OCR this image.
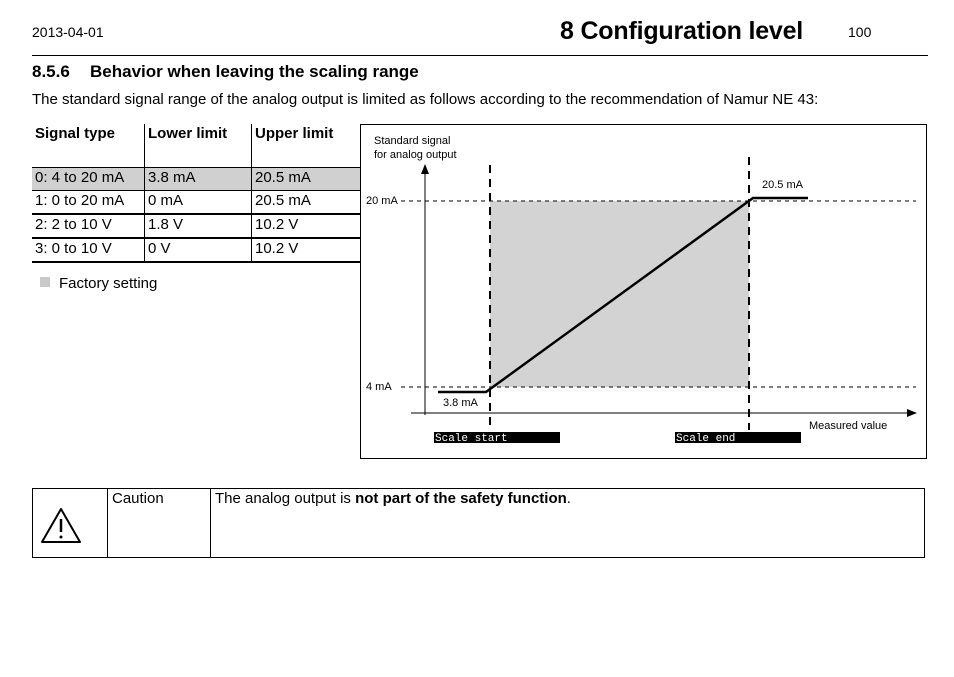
2013-04-01	8 Configuration level	100
8.5.6 Behavior when leaving the scaling range
The standard signal range of the analog output is limited as follows according to the recommendation of Namur NE 43:
Signal type	Lower limit	Upper limit
0: 4 to 20 mA	3.8 mA	20.5 mA
1: 0 to 20 mA	0 mA	20.5 mA
2: 2 to 10 V	1.8 V	10.2 V
3: 0 to 10 V	0 V	10.2 V
Factory setting
Standard signal
for analog output
20 mA
4 mA
20.5 mA
3.8 mA
Measured value
Scale start	Scale end
Caution	The analog output is not part of the safety function.
